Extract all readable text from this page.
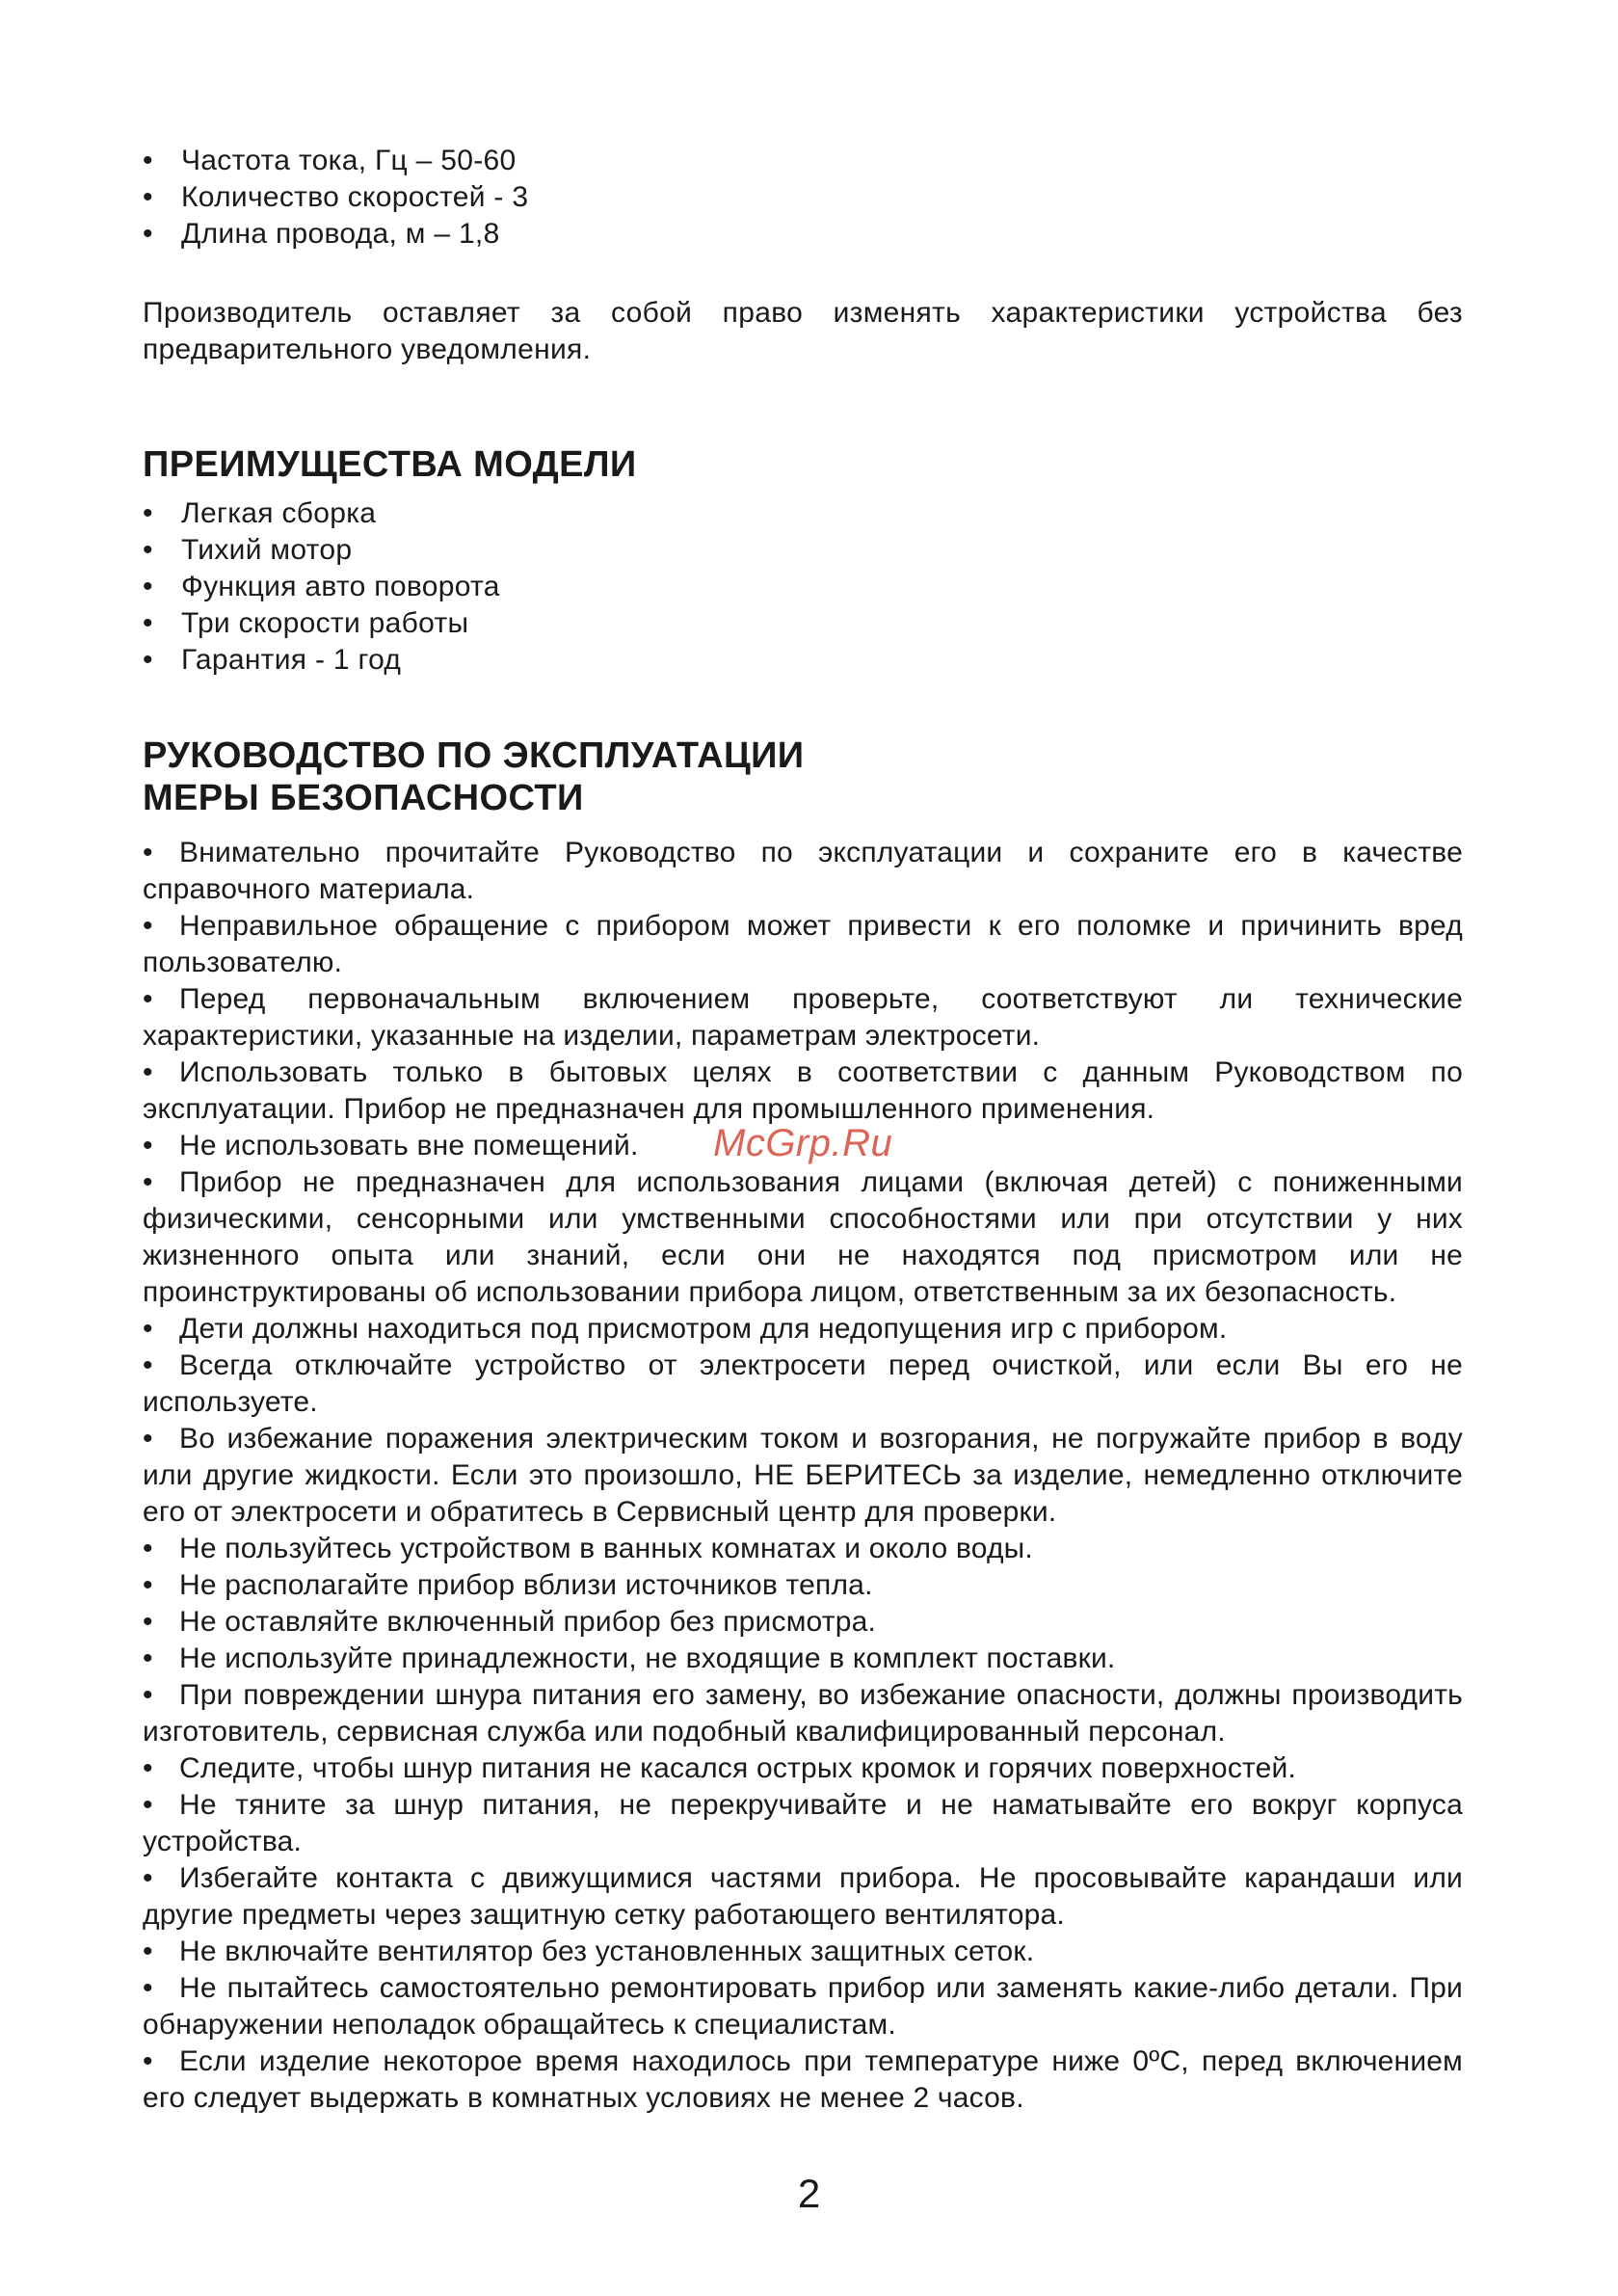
• Частота тока, Гц – 50-60
• Количество скоростей - 3
• Длина провода, м – 1,8

Производитель оставляет за собой право изменять характеристики устройства без предварительного уведомления.

ПРЕИМУЩЕСТВА МОДЕЛИ
• Легкая сборка
• Тихий мотор
• Функция авто поворота
• Три скорости работы
• Гарантия - 1 год
РУКОВОДСТВО ПО ЭКСПЛУАТАЦИИ
МЕРЫ БЕЗОПАСНОСТИ
• Внимательно прочитайте Руководство по эксплуатации и сохраните его в качестве справочного материала.
• Неправильное обращение с прибором может привести к его поломке и причинить вред пользователю.
• Перед первоначальным включением проверьте, соответствуют ли технические характеристики, указанные на изделии, параметрам электросети.
• Использовать только в бытовых целях в соответствии с данным Руководством по эксплуатации. Прибор не предназначен для промышленного применения.
• Не использовать вне помещений.
• Прибор не предназначен для использования лицами (включая детей) с пониженными физическими, сенсорными или умственными способностями или при отсутствии у них жизненного опыта или знаний, если они не находятся под присмотром или не проинструктированы об использовании прибора лицом, ответственным за их безопасность.
• Дети должны находиться под присмотром для недопущения игр с прибором.
• Всегда отключайте устройство от электросети перед очисткой, или если Вы его не используете.
• Во избежание поражения электрическим током и возгорания, не погружайте прибор в воду или другие жидкости. Если это произошло, НЕ БЕРИТЕСЬ за изделие, немедленно отключите его от электросети и обратитесь в Сервисный центр для проверки.
• Не пользуйтесь устройством в ванных комнатах и около воды.
• Не располагайте прибор вблизи источников тепла.
• Не оставляйте включенный прибор без присмотра.
• Не используйте принадлежности, не входящие в комплект поставки.
• При повреждении шнура питания его замену, во избежание опасности, должны производить изготовитель, сервисная служба или подобный квалифицированный персонал.
• Следите, чтобы шнур питания не касался острых кромок и горячих поверхностей.
• Не тяните за шнур питания, не перекручивайте и не наматывайте его вокруг корпуса устройства.
• Избегайте контакта с движущимися частями прибора. Не просовывайте карандаши или другие предметы через защитную сетку работающего вентилятора.
• Не включайте вентилятор без установленных защитных сеток.
• Не пытайтесь самостоятельно ремонтировать прибор или заменять какие-либо детали. При обнаружении неполадок обращайтесь к специалистам.
• Если изделие некоторое время находилось при температуре ниже 0ºС, перед включением его следует выдержать в комнатных условиях не менее 2 часов.
McGrp.Ru
2
